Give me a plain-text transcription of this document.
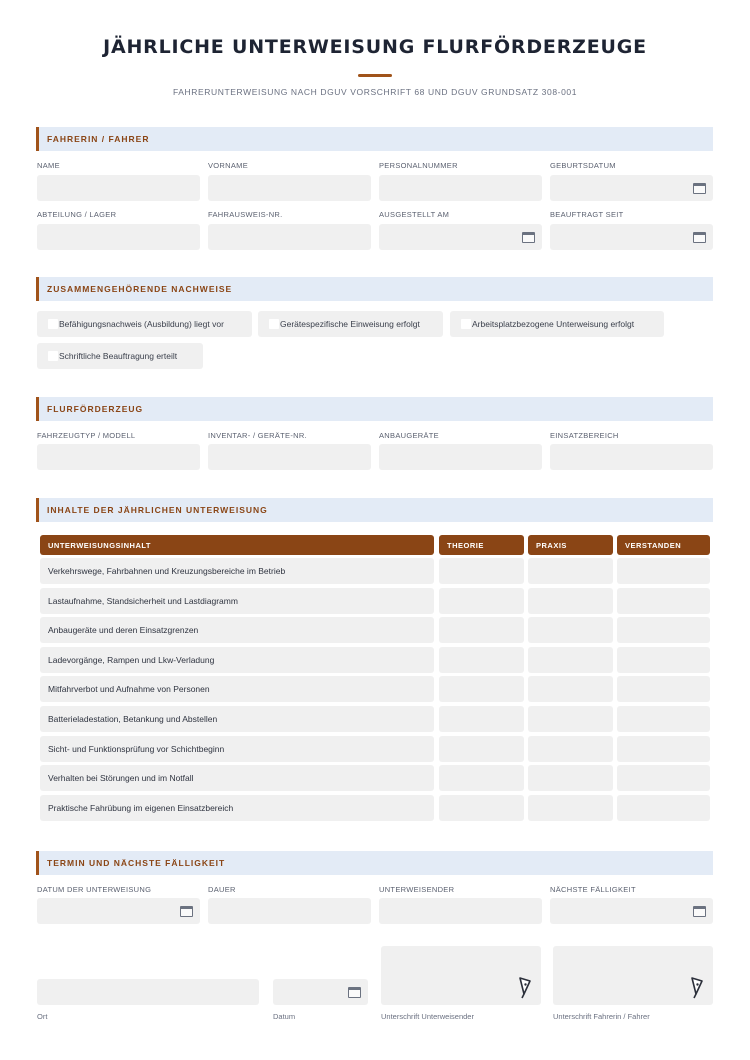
JÄHRLICHE UNTERWEISUNG FLURFÖRDERZEUGE
FAHRERUNTERWEISUNG NACH DGUV VORSCHRIFT 68 UND DGUV GRUNDSATZ 308-001
FAHRERIN / FAHRER
NAME	VORNAME	PERSONALNUMMER	GEBURTSDATUM
ABTEILUNG / LAGER	FAHRAUSWEIS-NR.	AUSGESTELLT AM	BEAUFTRAGT SEIT
ZUSAMMENGEHÖRENDE NACHWEISE
Befähigungsnachweis (Ausbildung) liegt vor	Gerätespezifische Einweisung erfolgt	Arbeitsplatzbezogene Unterweisung erfolgt
Schriftliche Beauftragung erteilt
FLURFÖRDERZEUG
FAHRZEUGTYP / MODELL	INVENTAR- / GERÄTE-NR.	ANBAUGERÄTE	EINSATZBEREICH
INHALTE DER JÄHRLICHEN UNTERWEISUNG
UNTERWEISUNGSINHALT	THEORIE	PRAXIS	VERSTANDEN
Verkehrswege, Fahrbahnen und Kreuzungsbereiche im Betrieb
Lastaufnahme, Standsicherheit und Lastdiagramm
Anbaugeräte und deren Einsatzgrenzen
Ladevorgänge, Rampen und Lkw-Verladung
Mitfahrverbot und Aufnahme von Personen
Batterieladestation, Betankung und Abstellen
Sicht- und Funktionsprüfung vor Schichtbeginn
Verhalten bei Störungen und im Notfall
Praktische Fahrübung im eigenen Einsatzbereich
TERMIN UND NÄCHSTE FÄLLIGKEIT
DATUM DER UNTERWEISUNG	DAUER	UNTERWEISENDER	NÄCHSTE FÄLLIGKEIT
Ort	Datum	Unterschrift Unterweisender	Unterschrift Fahrerin / Fahrer
